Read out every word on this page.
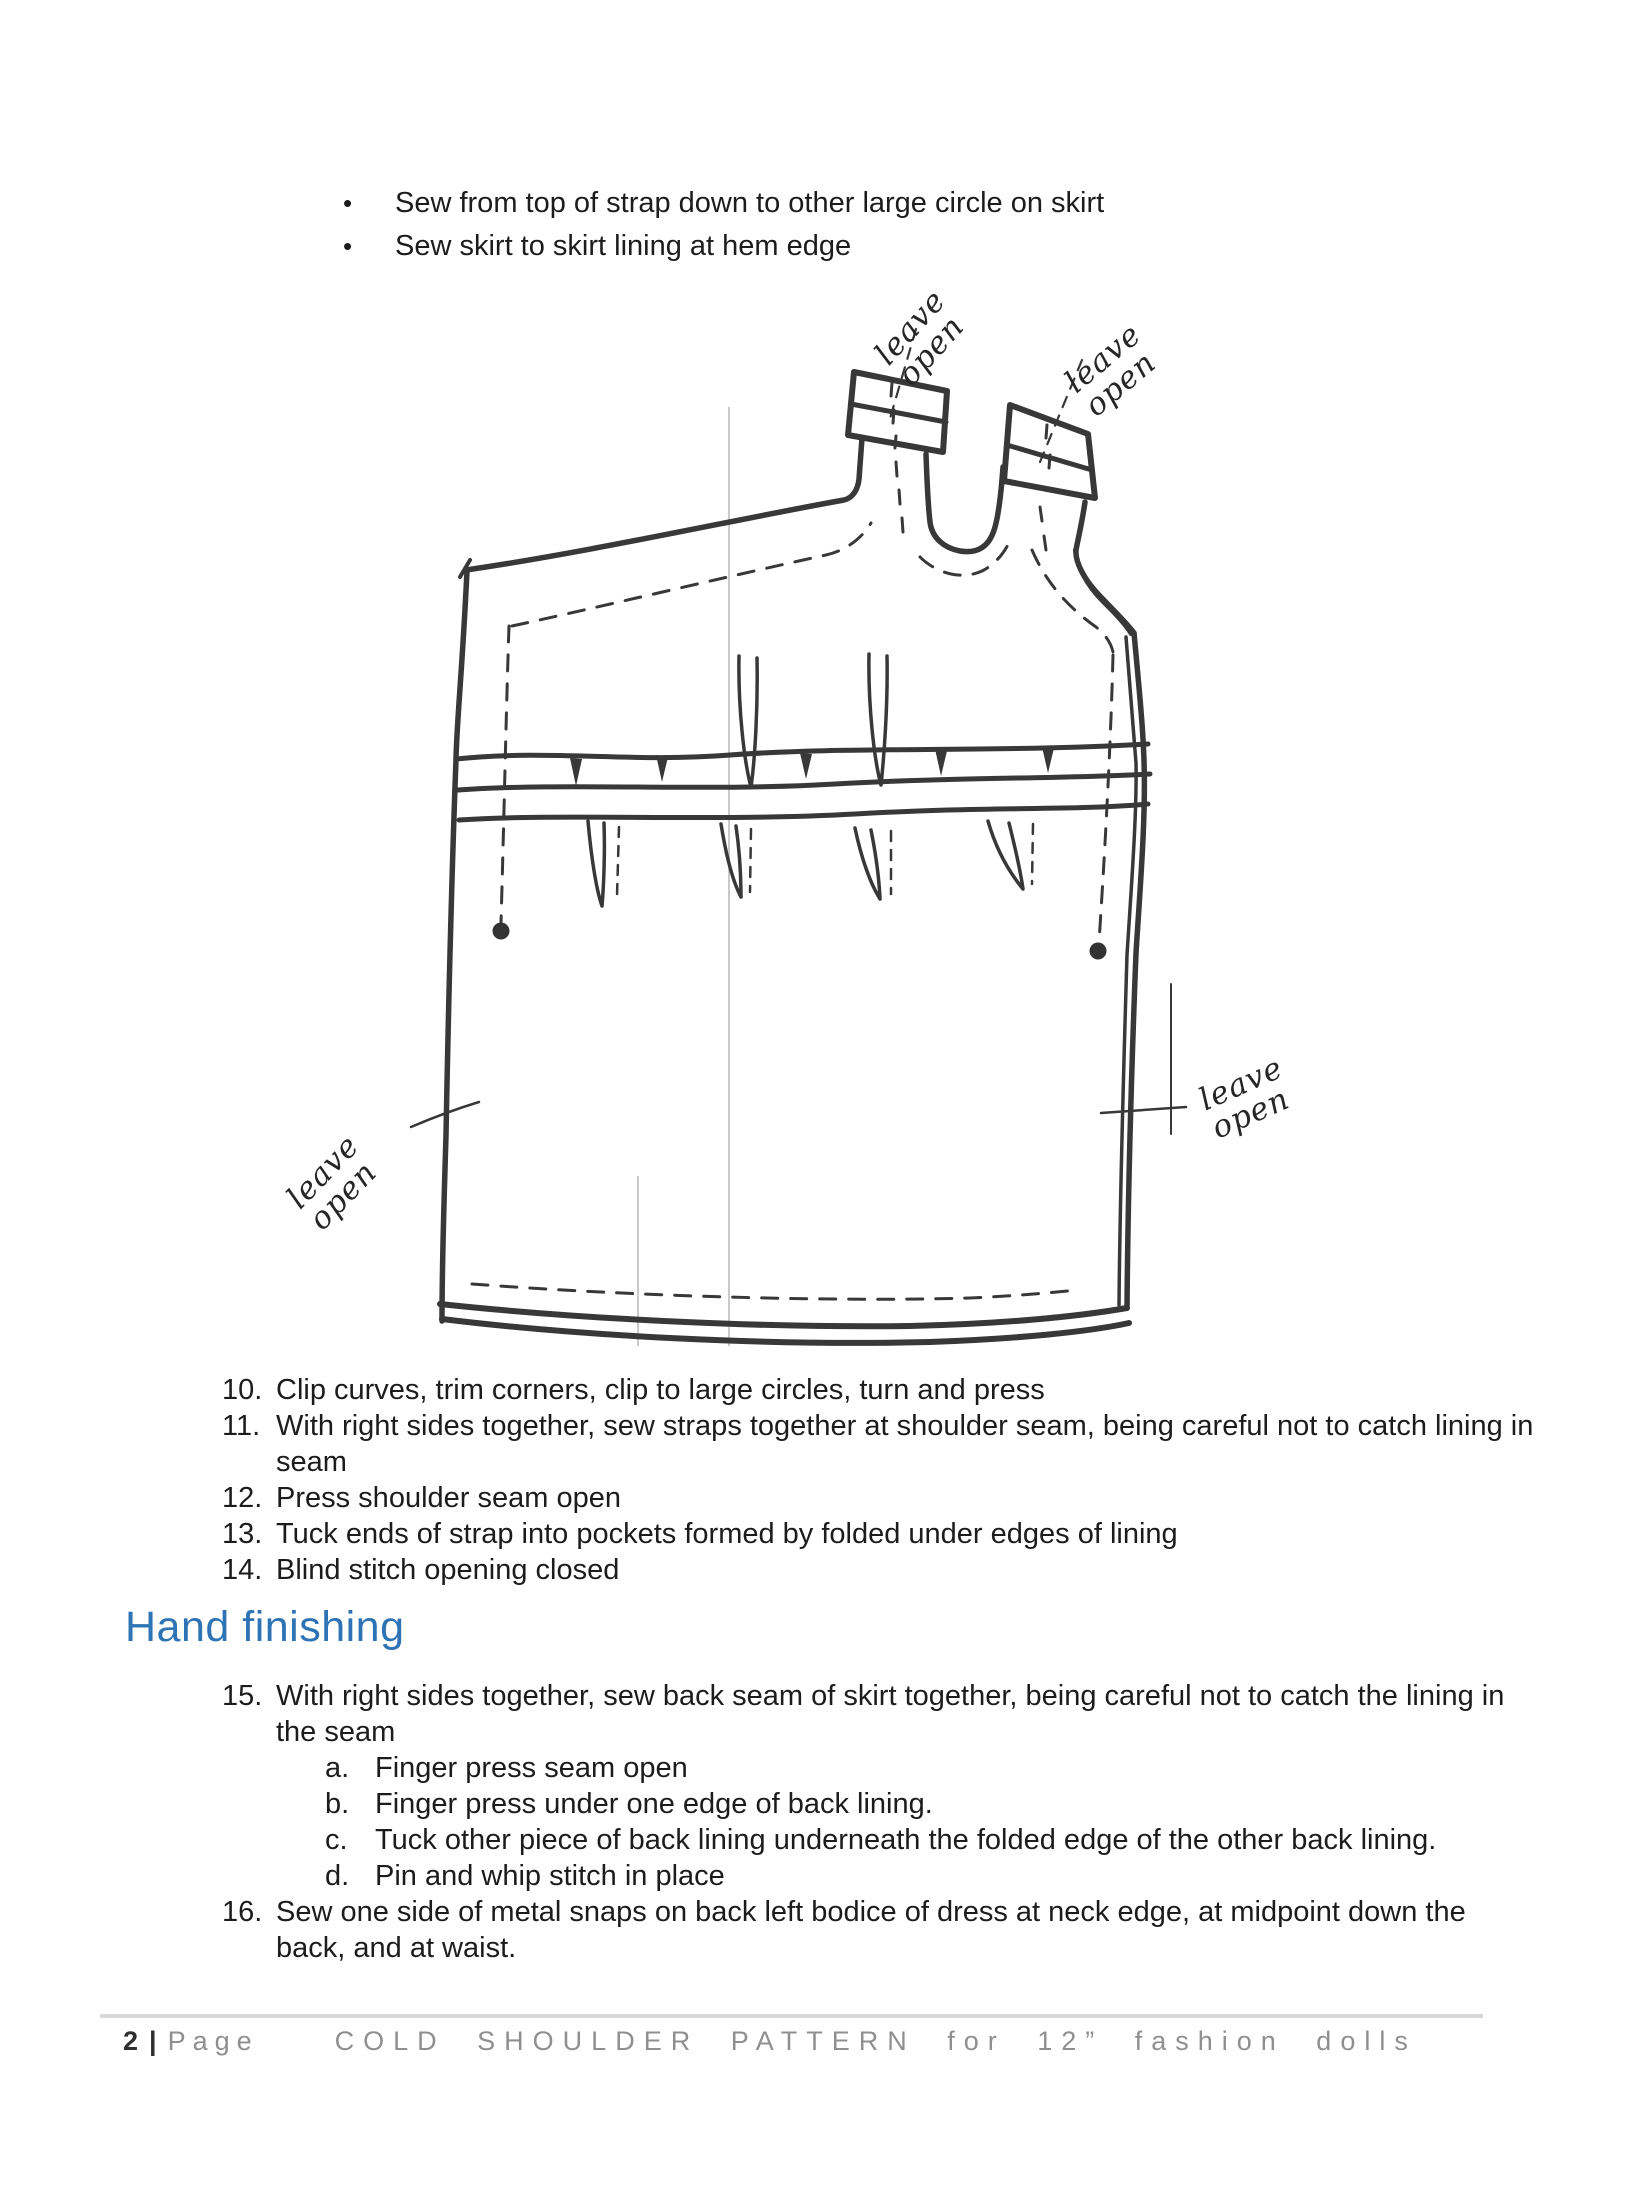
•	Sew from top of strap down to other large circle on skirt
•	Sew skirt to skirt lining at hem edge
leave
open	leave
open
leave
open
leave
open
10. Clip curves, trim corners, clip to large circles, turn and press
11. With right sides together, sew straps together at shoulder seam, being careful not to catch lining in seam
12. Press shoulder seam open
13. Tuck ends of strap into pockets formed by folded under edges of lining
14. Blind stitch opening closed
Hand finishing
15. With right sides together, sew back seam of skirt together, being careful not to catch the lining in the seam
a. Finger press seam open
b. Finger press under one edge of back lining.
c. Tuck other piece of back lining underneath the folded edge of the other back lining.
d. Pin and whip stitch in place
16. Sew one side of metal snaps on back left bodice of dress at neck edge, at midpoint down the back, and at waist.
2 | Page	COLD SHOULDER PATTERN for 12” fashion dolls
